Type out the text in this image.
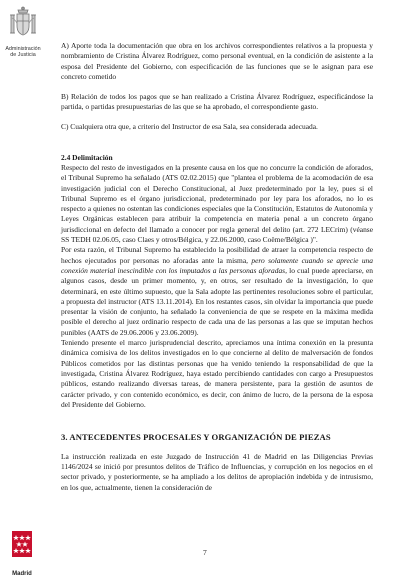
Administración de Justicia

A) Aporte toda la documentación que obra en los archivos correspondientes relativos a la propuesta y nombramiento de Cristina Álvarez Rodríguez, como personal eventual, en la condición de asistente a la esposa del Presidente del Gobierno, con especificación de las funciones que se le asignan para ese concreto cometido

B) Relación de todos los pagos que se han realizado a Cristina Álvarez Rodríguez, especificándose la partida, o partidas presupuestarias de las que se ha aprobado, el correspondiente gasto.

C) Cualquiera otra que, a criterio del Instructor de esa Sala, sea considerada adecuada.

2.4 Delimitación

Respecto del resto de investigados en la presente causa en los que no concurre la condición de aforados, el Tribunal Supremo ha señalado (ATS 02.02.2015) que "plantea el problema de la acomodación de esa investigación judicial con el Derecho Constitucional, al Juez predeterminado por la ley, pues si el Tribunal Supremo es el órgano jurisdiccional, predeterminado por ley para los aforados, no lo es respecto a quienes no ostentan las condiciones especiales que la Constitución, Estatutos de Autonomía y Leyes Orgánicas establecen para atribuir la competencia en materia penal a un concreto órgano jurisdiccional en defecto del llamado a conocer por regla general del delito (art. 272 LECrim) (véanse SS TEDH 02.06.05, caso Claes y otros/Bélgica, y 22.06.2000, caso Coëme/Bélgica )".

Por esta razón, el Tribunal Supremo ha establecido la posibilidad de atraer la competencia respecto de hechos ejecutados por personas no aforadas ante la misma, pero solamente cuando se aprecie una conexión material inescindible con los imputados a las personas aforadas, lo cual puede apreciarse, en algunos casos, desde un primer momento, y, en otros, ser resultado de la investigación, lo que determinará, en este último supuesto, que la Sala adopte las pertinentes resoluciones sobre el particular, a propuesta del instructor (ATS 13.11.2014). En los restantes casos, sin olvidar la importancia que puede presentar la visión de conjunto, ha señalado la conveniencia de que se respete en la máxima medida posible el derecho al juez ordinario respecto de cada una de las personas a las que se imputan hechos punibles (AATS de 29.06.2006 y 23.06.2009).

Teniendo presente el marco jurisprudencial descrito, apreciamos una íntima conexión en la presunta dinámica comisiva de los delitos investigados en lo que concierne al delito de malversación de fondos Públicos cometidos por las distintas personas que ha venido teniendo la responsabilidad de que la investigada, Cristina Álvarez Rodríguez, haya estado percibiendo cantidades con cargo a Presupuestos públicos, estando realizando diversas tareas, de manera persistente, para la gestión de asuntos de carácter privado, y con contenido económico, es decir, con ánimo de lucro, de la persona de la esposa del Presidente del Gobierno.

3. ANTECEDENTES PROCESALES Y ORGANIZACIÓN DE PIEZAS

La instrucción realizada en este Juzgado de Instrucción 41 de Madrid en las Diligencias Previas 1146/2024 se inició por presuntos delitos de Tráfico de Influencias, y corrupción en los negocios en el sector privado, y posteriormente, se ha ampliado a los delitos de apropiación indebida y de intrusismo, en los que, actualmente, tienen la consideración de

7
Madrid
